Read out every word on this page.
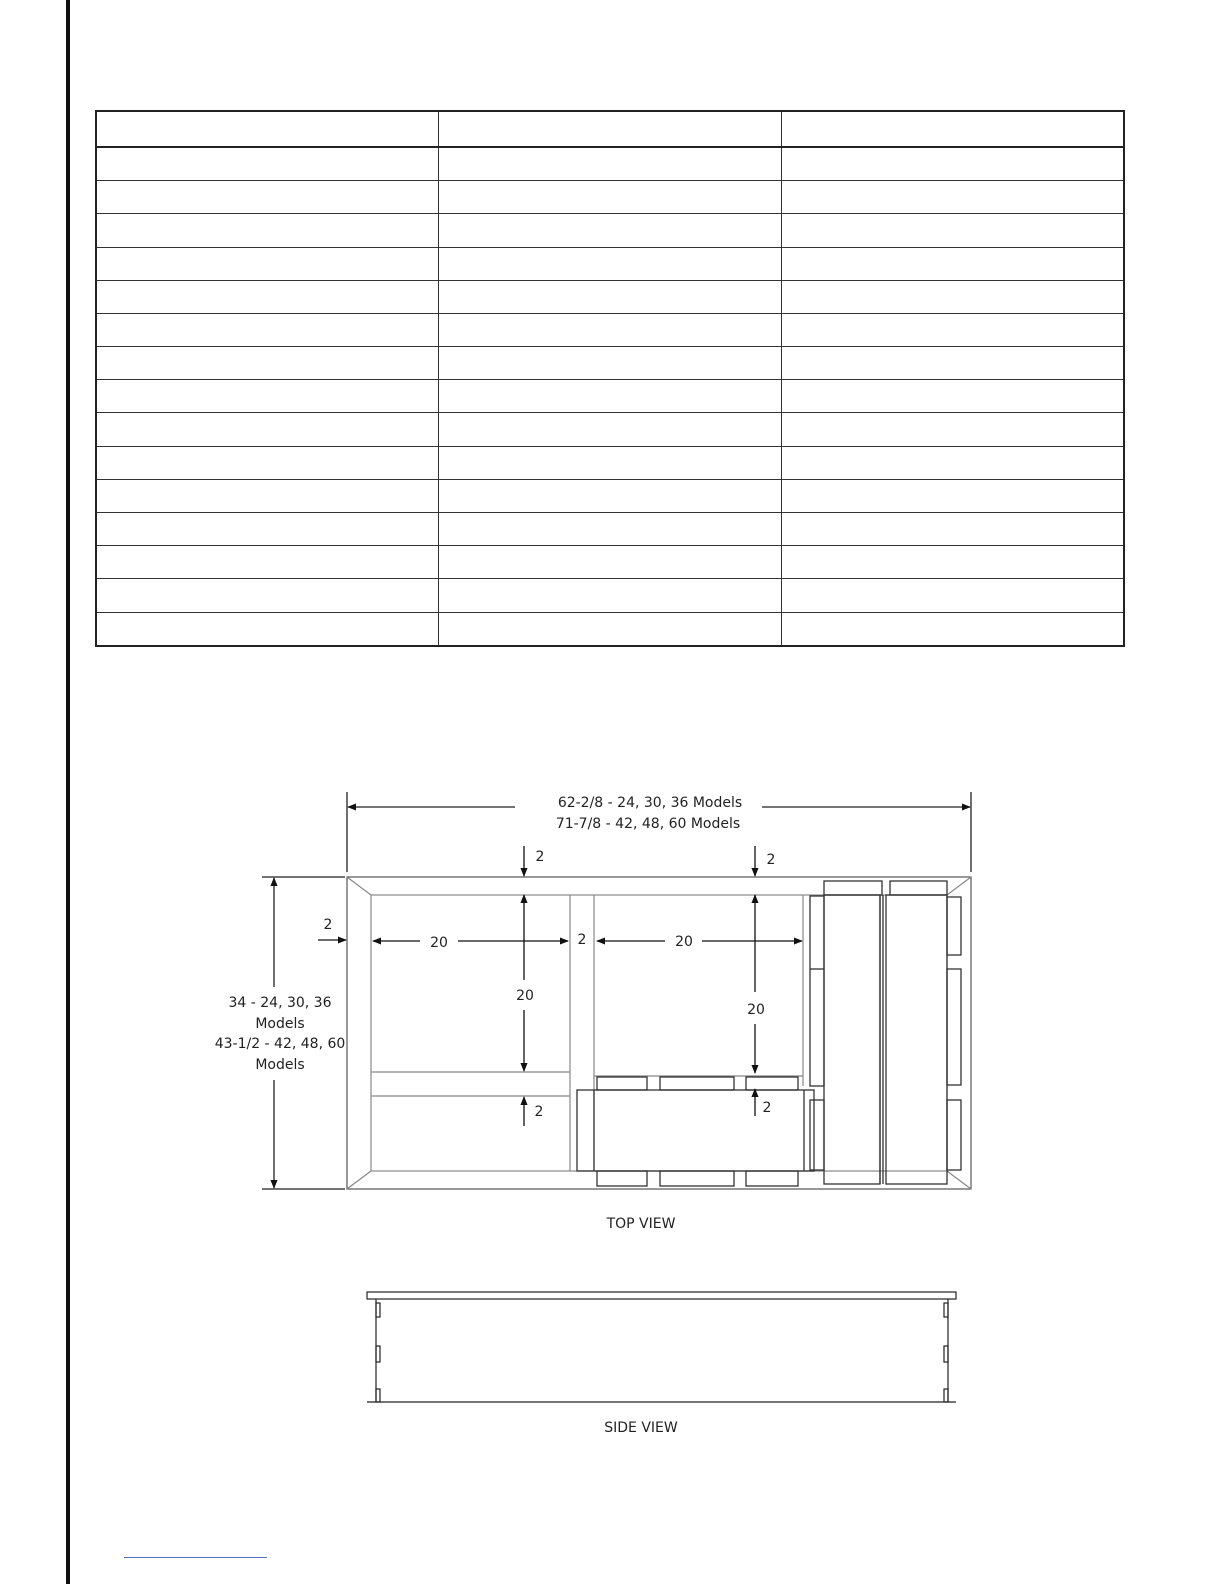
62-2/8 - 24, 30, 36 Models
71-7/8 - 42, 48, 60 Models
34 - 24, 30, 36
Models
43-1/2 - 42, 48, 60
Models
2	2
2
2
2	2
20	20
20
20
TOP VIEW
SIDE VIEW
